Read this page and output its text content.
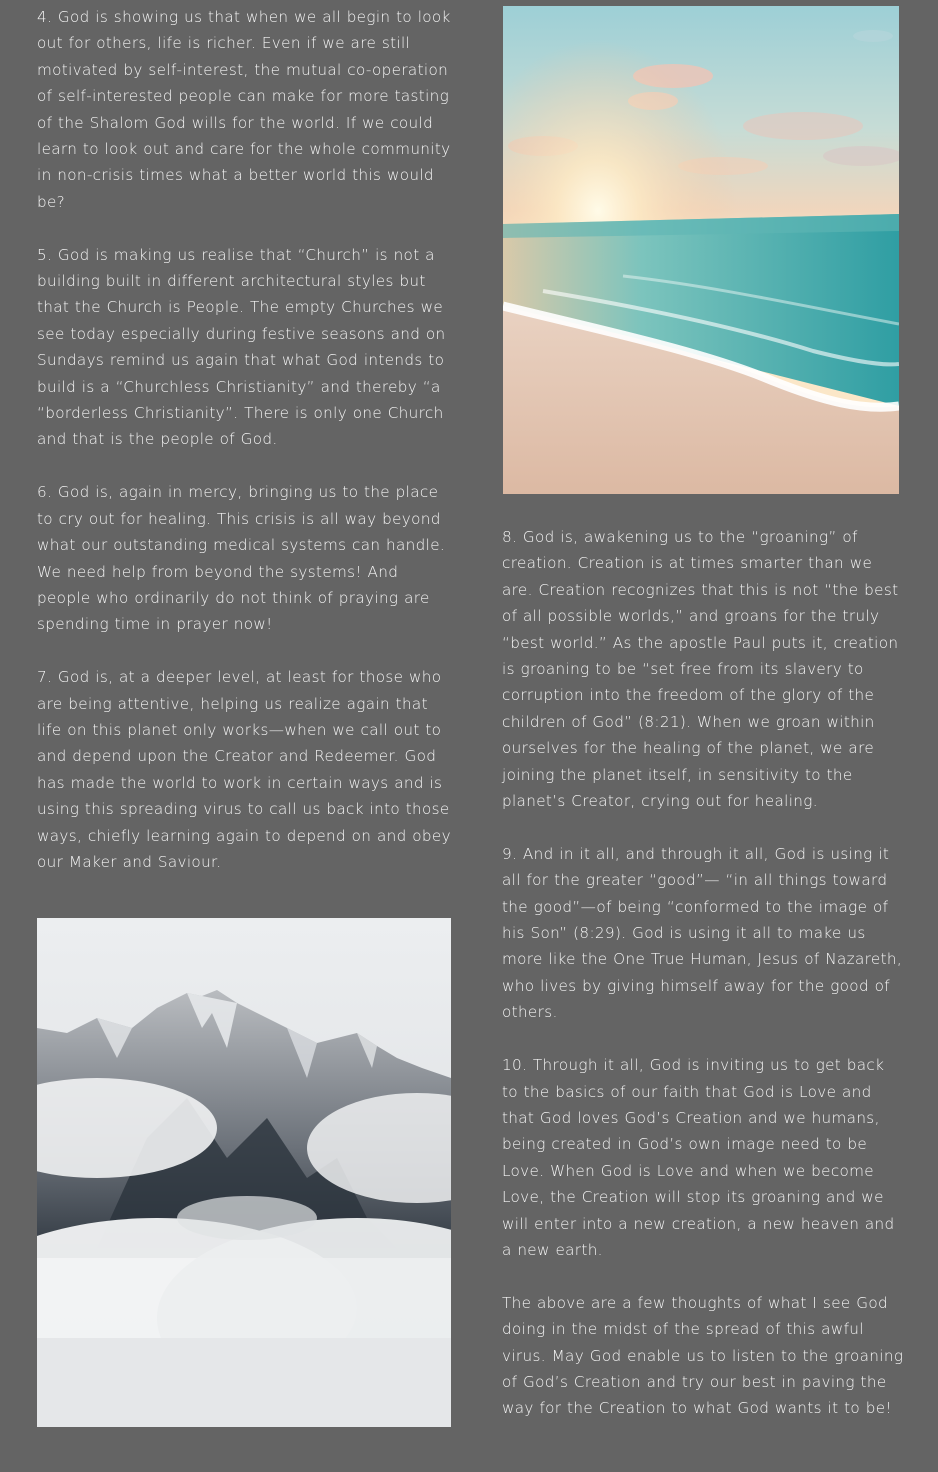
4. God is showing us that when we all begin to look out for others, life is richer. Even if we are still motivated by self-interest, the mutual co-operation of self-interested people can make for more tasting of the Shalom God wills for the world. If we could learn to look out and care for the whole community in non-crisis times what a better world this would be?

5. God is making us realise that “Church” is not a building built in different architectural styles but that the Church is People. The empty Churches we see today especially during festive seasons and on Sundays remind us again that what God intends to build is a “Churchless Christianity” and thereby “a “borderless Christianity”. There is only one Church and that is the people of God.

6. God is, again in mercy, bringing us to the place to cry out for healing. This crisis is all way beyond what our outstanding medical systems can handle. We need help from beyond the systems! And people who ordinarily do not think of praying are spending time in prayer now!

7. God is, at a deeper level, at least for those who are being attentive, helping us realize again that life on this planet only works—when we call out to and depend upon the Creator and Redeemer. God has made the world to work in certain ways and is using this spreading virus to call us back into those ways, chiefly learning again to depend on and obey our Maker and Saviour.

8. God is, awakening us to the “groaning” of creation. Creation is at times smarter than we are. Creation recognizes that this is not “the best of all possible worlds,” and groans for the truly “best world.” As the apostle Paul puts it, creation is groaning to be “set free from its slavery to corruption into the freedom of the glory of the children of God” (8:21). When we groan within ourselves for the healing of the planet, we are joining the planet itself, in sensitivity to the planet’s Creator, crying out for healing.

9. And in it all, and through it all, God is using it all for the greater “good”— “in all things toward the good”—of being “conformed to the image of his Son” (8:29). God is using it all to make us more like the One True Human, Jesus of Nazareth, who lives by giving himself away for the good of others.

10. Through it all, God is inviting us to get back to the basics of our faith that God is Love and that God loves God’s Creation and we humans, being created in God’s own image need to be Love. When God is Love and when we become Love, the Creation will stop its groaning and we will enter into a new creation, a new heaven and a new earth.

The above are a few thoughts of what I see God doing in the midst of the spread of this awful virus. May God enable us to listen to the groaning of God’s Creation and try our best in paving the way for the Creation to what God wants it to be!
